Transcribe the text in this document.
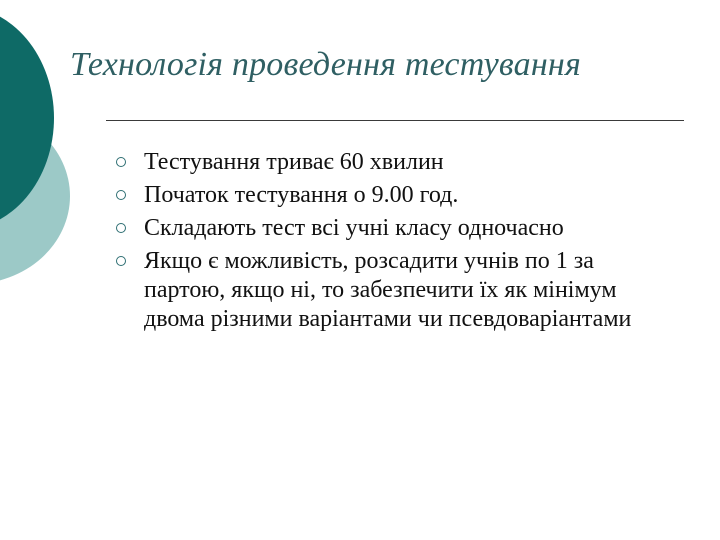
Технологія проведення тестування
Тестування триває 60 хвилин
Початок тестування о 9.00 год.
Складають тест всі учні класу одночасно
Якщо є можливість, розсадити учнів по 1 за партою, якщо ні, то забезпечити їх як мінімум двома різними варіантами чи псевдоваріантами
